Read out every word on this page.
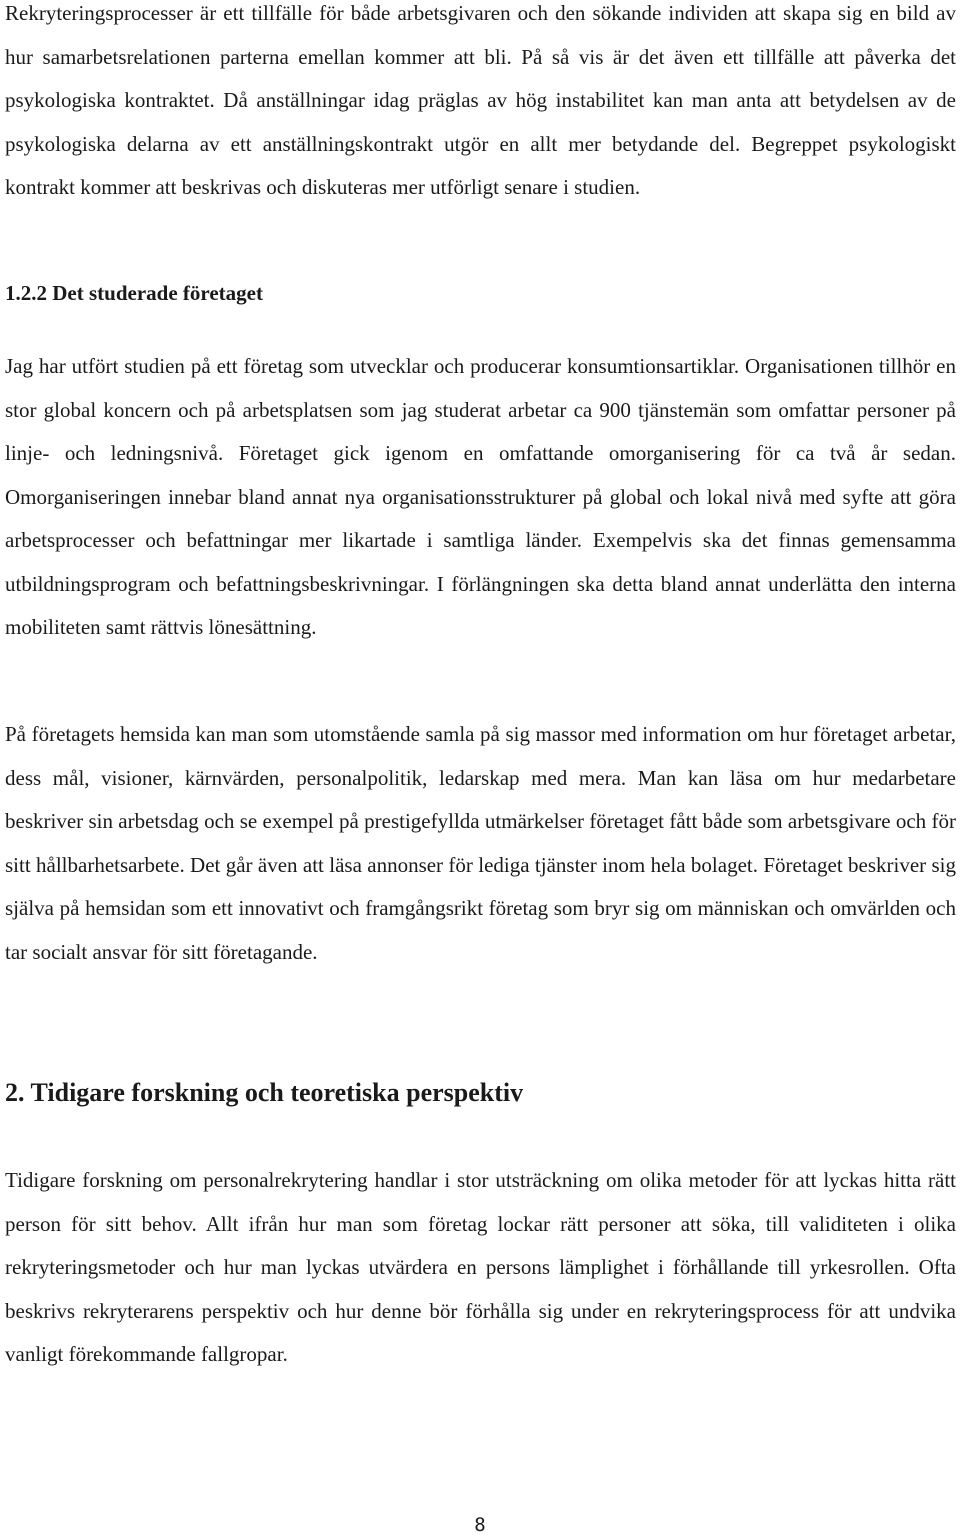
Rekryteringsprocesser är ett tillfälle för både arbetsgivaren och den sökande individen att skapa sig en bild av hur samarbetsrelationen parterna emellan kommer att bli. På så vis är det även ett tillfälle att påverka det psykologiska kontraktet. Då anställningar idag präglas av hög instabilitet kan man anta att betydelsen av de psykologiska delarna av ett anställningskontrakt utgör en allt mer betydande del. Begreppet psykologiskt kontrakt kommer att beskrivas och diskuteras mer utförligt senare i studien.

1.2.2 Det studerade företaget

Jag har utfört studien på ett företag som utvecklar och producerar konsumtionsartiklar. Organisationen tillhör en stor global koncern och på arbetsplatsen som jag studerat arbetar ca 900 tjänstemän som omfattar personer på linje- och ledningsnivå. Företaget gick igenom en omfattande omorganisering för ca två år sedan. Omorganiseringen innebar bland annat nya organisationsstrukturer på global och lokal nivå med syfte att göra arbetsprocesser och befattningar mer likartade i samtliga länder. Exempelvis ska det finnas gemensamma utbildningsprogram och befattningsbeskrivningar. I förlängningen ska detta bland annat underlätta den interna mobiliteten samt rättvis lönesättning.

På företagets hemsida kan man som utomstående samla på sig massor med information om hur företaget arbetar, dess mål, visioner, kärnvärden, personalpolitik, ledarskap med mera. Man kan läsa om hur medarbetare beskriver sin arbetsdag och se exempel på prestigefyllda utmärkelser företaget fått både som arbetsgivare och för sitt hållbarhetsarbete. Det går även att läsa annonser för lediga tjänster inom hela bolaget. Företaget beskriver sig själva på hemsidan som ett innovativt och framgångsrikt företag som bryr sig om människan och omvärlden och tar socialt ansvar för sitt företagande.

2. Tidigare forskning och teoretiska perspektiv

Tidigare forskning om personalrekrytering handlar i stor utsträckning om olika metoder för att lyckas hitta rätt person för sitt behov. Allt ifrån hur man som företag lockar rätt personer att söka, till validiteten i olika rekryteringsmetoder och hur man lyckas utvärdera en persons lämplighet i förhållande till yrkesrollen. Ofta beskrivs rekryterarens perspektiv och hur denne bör förhålla sig under en rekryteringsprocess för att undvika vanligt förekommande fallgropar.

8
